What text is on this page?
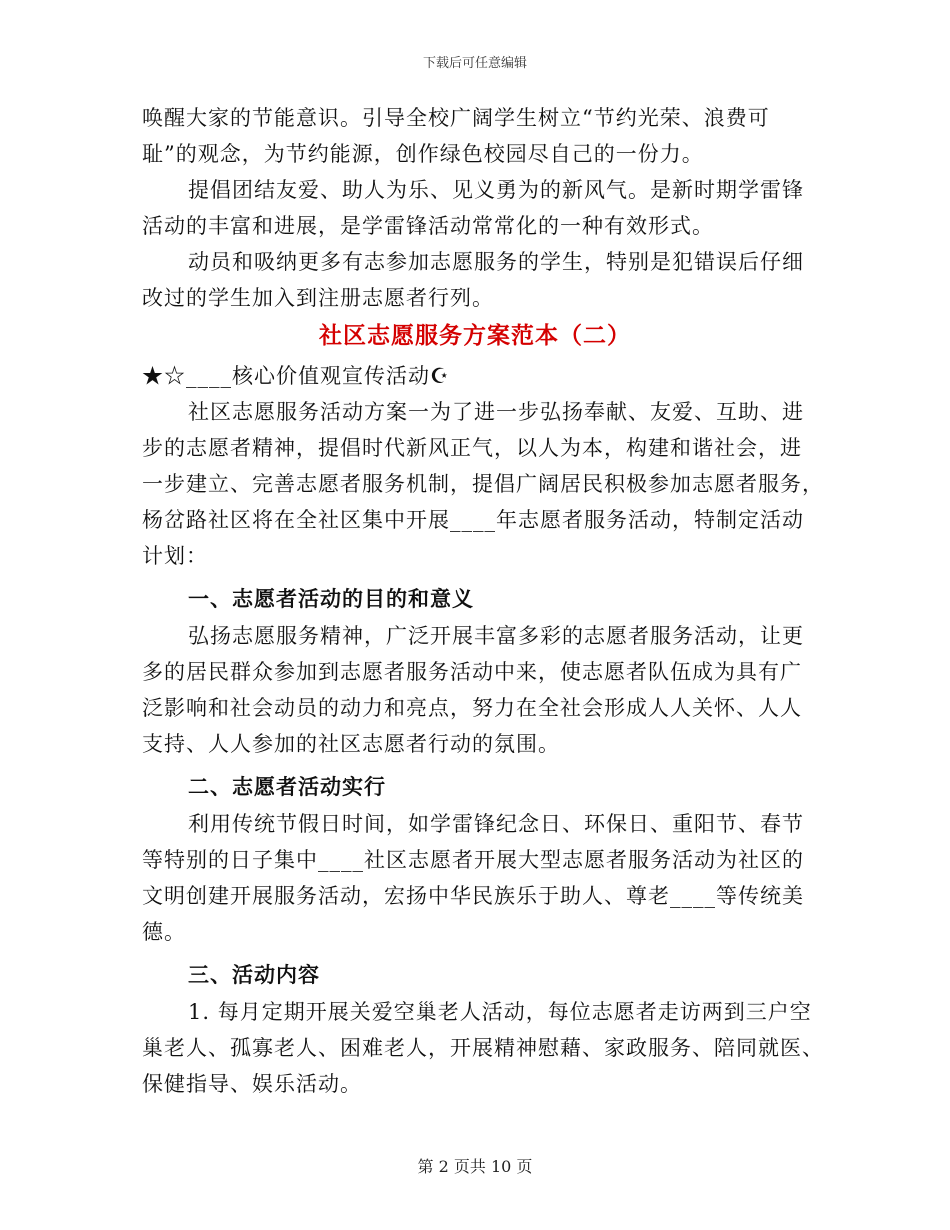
下载后可任意编辑
唤醒大家的节能意识。引导全校广阔学生树立“节约光荣、浪费可
耻”的观念，为节约能源，创作绿色校园尽自己的一份力。
提倡团结友爱、助人为乐、见义勇为的新风气。是新时期学雷锋
活动的丰富和进展，是学雷锋活动常常化的一种有效形式。
动员和吸纳更多有志参加志愿服务的学生，特别是犯错误后仔细
改过的学生加入到注册志愿者行列。
社区志愿服务方案范本（二）
★☆____核心价值观宣传活动☪
社区志愿服务活动方案一为了进一步弘扬奉献、友爱、互助、进
步的志愿者精神，提倡时代新风正气，以人为本，构建和谐社会，进
一步建立、完善志愿者服务机制，提倡广阔居民积极参加志愿者服务，
杨岔路社区将在全社区集中开展____年志愿者服务活动，特制定活动
计划：
一、志愿者活动的目的和意义
弘扬志愿服务精神，广泛开展丰富多彩的志愿者服务活动，让更
多的居民群众参加到志愿者服务活动中来，使志愿者队伍成为具有广
泛影响和社会动员的动力和亮点，努力在全社会形成人人关怀、人人
支持、人人参加的社区志愿者行动的氛围。
二、志愿者活动实行
利用传统节假日时间，如学雷锋纪念日、环保日、重阳节、春节
等特别的日子集中____社区志愿者开展大型志愿者服务活动为社区的
文明创建开展服务活动，宏扬中华民族乐于助人、尊老____等传统美
德。
三、活动内容
1. 每月定期开展关爱空巢老人活动，每位志愿者走访两到三户空
巢老人、孤寡老人、困难老人，开展精神慰藉、家政服务、陪同就医、
保健指导、娱乐活动。
第 2 页共 10 页
